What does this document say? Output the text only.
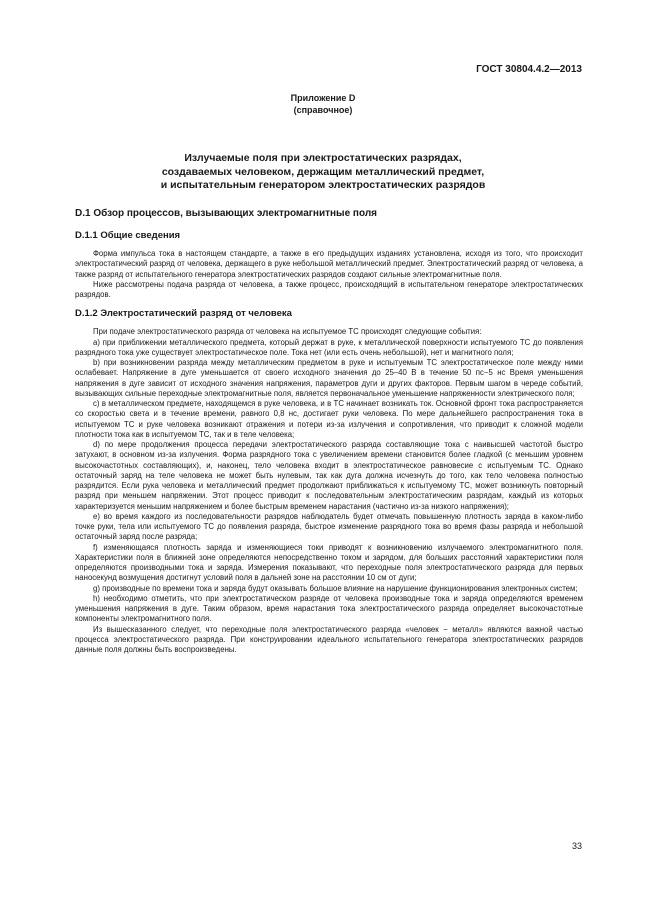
ГОСТ 30804.4.2—2013
Приложение D
(справочное)
Излучаемые поля при электростатических разрядах,
создаваемых человеком, держащим металлический предмет,
и испытательным генератором электростатических разрядов
D.1 Обзор процессов, вызывающих электромагнитные поля
D.1.1 Общие сведения

Форма импульса тока в настоящем стандарте, а также в его предыдущих изданиях установлена, исходя из того, что происходит электростатический разряд от человека, держащего в руке небольшой металлический предмет. Электростатический разряд от человека, а также разряд от испытательного генератора электростатических разрядов создают сильные электромагнитные поля.

Ниже рассмотрены подача разряда от человека, а также процесс, происходящий в испытательном генераторе электростатических разрядов.

D.1.2 Электростатический разряд от человека

При подаче электростатического разряда от человека на испытуемое ТС происходят следующие события:

a) при приближении металлического предмета, который держат в руке, к металлической поверхности испытуемого ТС до появления разрядного тока уже существует электростатическое поле. Тока нет (или есть очень небольшой), нет и магнитного поля;

b) при возникновении разряда между металлическим предметом в руке и испытуемым ТС электростатическое поле между ними ослабевает. Напряжение в дуге уменьшается от своего исходного значения до 25–40 В в течение 50 пс−5 нс Время уменьшения напряжения в дуге зависит от исходного значения напряжения, параметров дуги и других факторов. Первым шагом в череде событий, вызывающих сильные переходные электромагнитные поля, является первоначальное уменьшение напряженности электрического поля;

c) в металлическом предмете, находящемся в руке человека, и в ТС начинает возникать ток. Основной фронт тока распространяется со скоростью света и в течение времени, равного 0,8 нс, достигает руки человека. По мере дальнейшего распространения тока в испытуемом ТС и руке человека возникают отражения и потери из-за излучения и сопротивления, что приводит к сложной модели плотности тока как в испытуемом ТС, так и в теле человека;

d) по мере продолжения процесса передачи электростатического разряда составляющие тока с наивысшей частотой быстро затухают, в основном из-за излучения. Форма разрядного тока с увеличением времени становится более гладкой (с меньшим уровнем высокочастотных составляющих), и, наконец, тело человека входит в электростатическое равновесие с испытуемым ТС. Однако остаточный заряд на теле человека не может быть нулевым, так как дуга должна исчезнуть до того, как тело человека полностью разрядится. Если рука человека и металлический предмет продолжают приближаться к испытуемому ТС, может возникнуть повторный разряд при меньшем напряжении. Этот процесс приводит к последовательным электростатическим разрядам, каждый из которых характеризуется меньшим напряжением и более быстрым временем нарастания (частично из-за низкого напряжения);

e) во время каждого из последовательности разрядов наблюдатель будет отмечать повышенную плотность заряда в каком-либо точке руки, тела или испытуемого ТС до появления разряда, быстрое изменение разрядного тока во время фазы разряда и небольшой остаточный заряд после разряда;

f) изменяющаяся плотность заряда и изменяющиеся токи приводят к возникновению излучаемого электромагнитного поля. Характеристики поля в ближней зоне определяются непосредственно током и зарядом, для больших расстояний характеристики поля определяются производными тока и заряда. Измерения показывают, что переходные поля электростатического разряда для первых наносекунд возмущения достигнут условий поля в дальней зоне на расстоянии 10 см от дуги;

g) производные по времени тока и заряда будут оказывать большое влияние на нарушение функционирования электронных систем;

h) необходимо отметить, что при электростатическом разряде от человека производные тока и заряда определяются временем уменьшения напряжения в дуге. Таким образом, время нарастания тока электростатического разряда определяет высокочастотные компоненты электромагнитного поля.

Из вышесказанного следует, что переходные поля электростатического разряда «человек − металл» являются важной частью процесса электростатического разряда. При конструировании идеального испытательного генератора электростатических разрядов данные поля должны быть воспроизведены.

33
